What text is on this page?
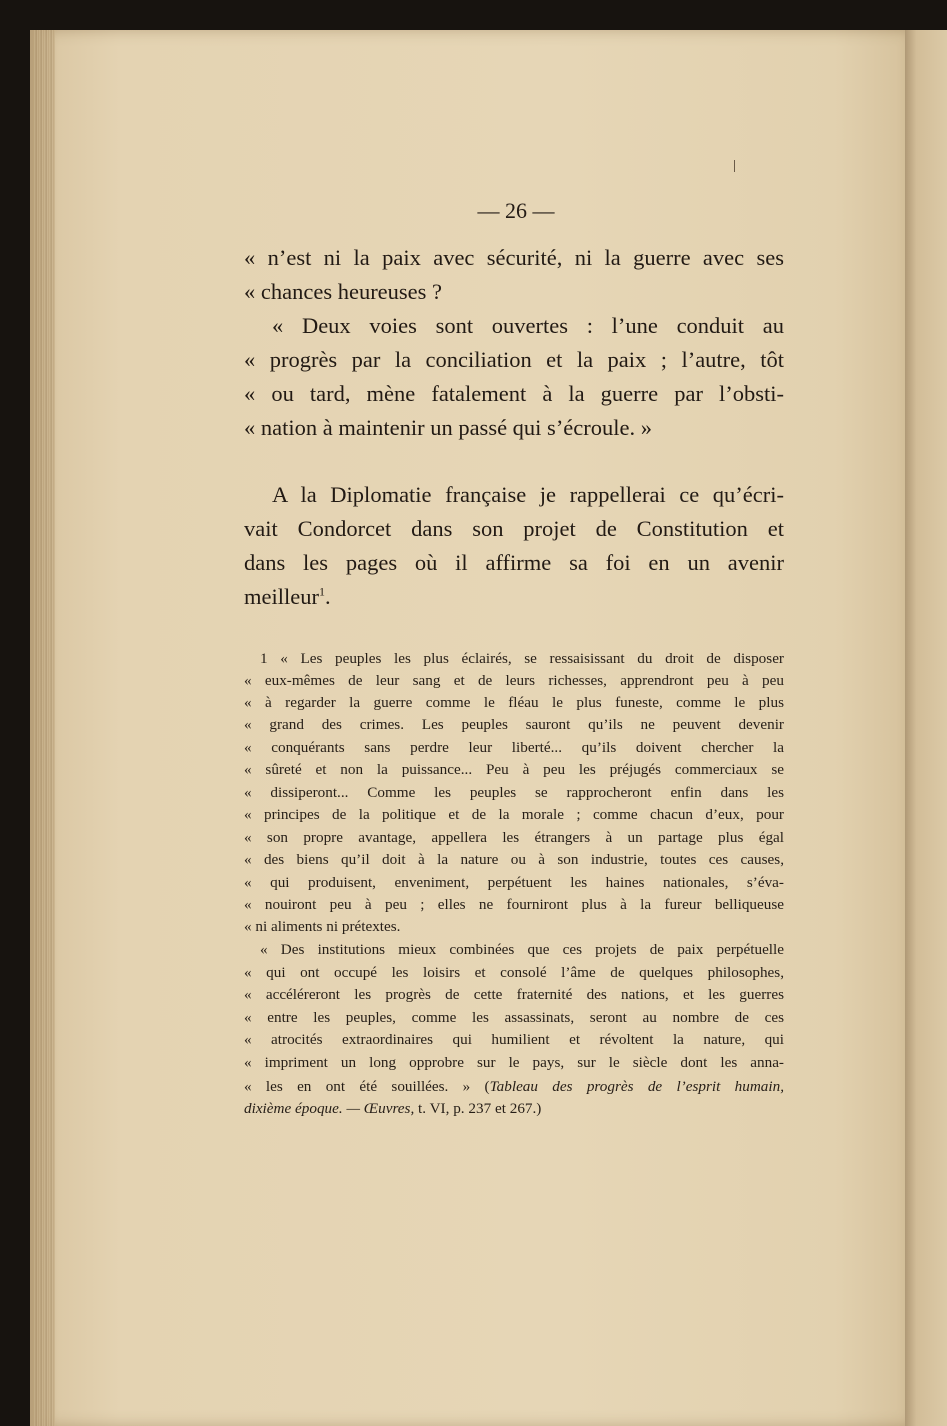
— 26 —
« n’est ni la paix avec sécurité, ni la guerre avec ses
« chances heureuses ?
« Deux voies sont ouvertes : l’une conduit au
« progrès par la conciliation et la paix ; l’autre, tôt
« ou tard, mène fatalement à la guerre par l’obsti-
« nation à maintenir un passé qui s’écroule. »
A la Diplomatie française je rappellerai ce qu’écri-
vait Condorcet dans son projet de Constitution et
dans les pages où il affirme sa foi en un avenir
meilleur$^1$.
1 « Les peuples les plus éclairés, se ressaisissant du droit de disposer
« eux-mêmes de leur sang et de leurs richesses, apprendront peu à peu
« à regarder la guerre comme le fléau le plus funeste, comme le plus
« grand des crimes. Les peuples sauront qu’ils ne peuvent devenir
« conquérants sans perdre leur liberté... qu’ils doivent chercher la
« sûreté et non la puissance... Peu à peu les préjugés commerciaux se
« dissiperont... Comme les peuples se rapprocheront enfin dans les
« principes de la politique et de la morale ; comme chacun d’eux, pour
« son propre avantage, appellera les étrangers à un partage plus égal
« des biens qu’il doit à la nature ou à son industrie, toutes ces causes,
« qui produisent, enveniment, perpétuent les haines nationales, s’éva-
« nouiront peu à peu ; elles ne fourniront plus à la fureur belliqueuse
« ni aliments ni prétextes.
« Des institutions mieux combinées que ces projets de paix perpétuelle
« qui ont occupé les loisirs et consolé l’âme de quelques philosophes,
« accéléreront les progrès de cette fraternité des nations, et les guerres
« entre les peuples, comme les assassinats, seront au nombre de ces
« atrocités extraordinaires qui humilient et révoltent la nature, qui
« impriment un long opprobre sur le pays, sur le siècle dont les anna-
« les en ont été souillées. » (Tableau des progrès de l’esprit humain,
dixième époque. — Œuvres, t. VI, p. 237 et 267.)
